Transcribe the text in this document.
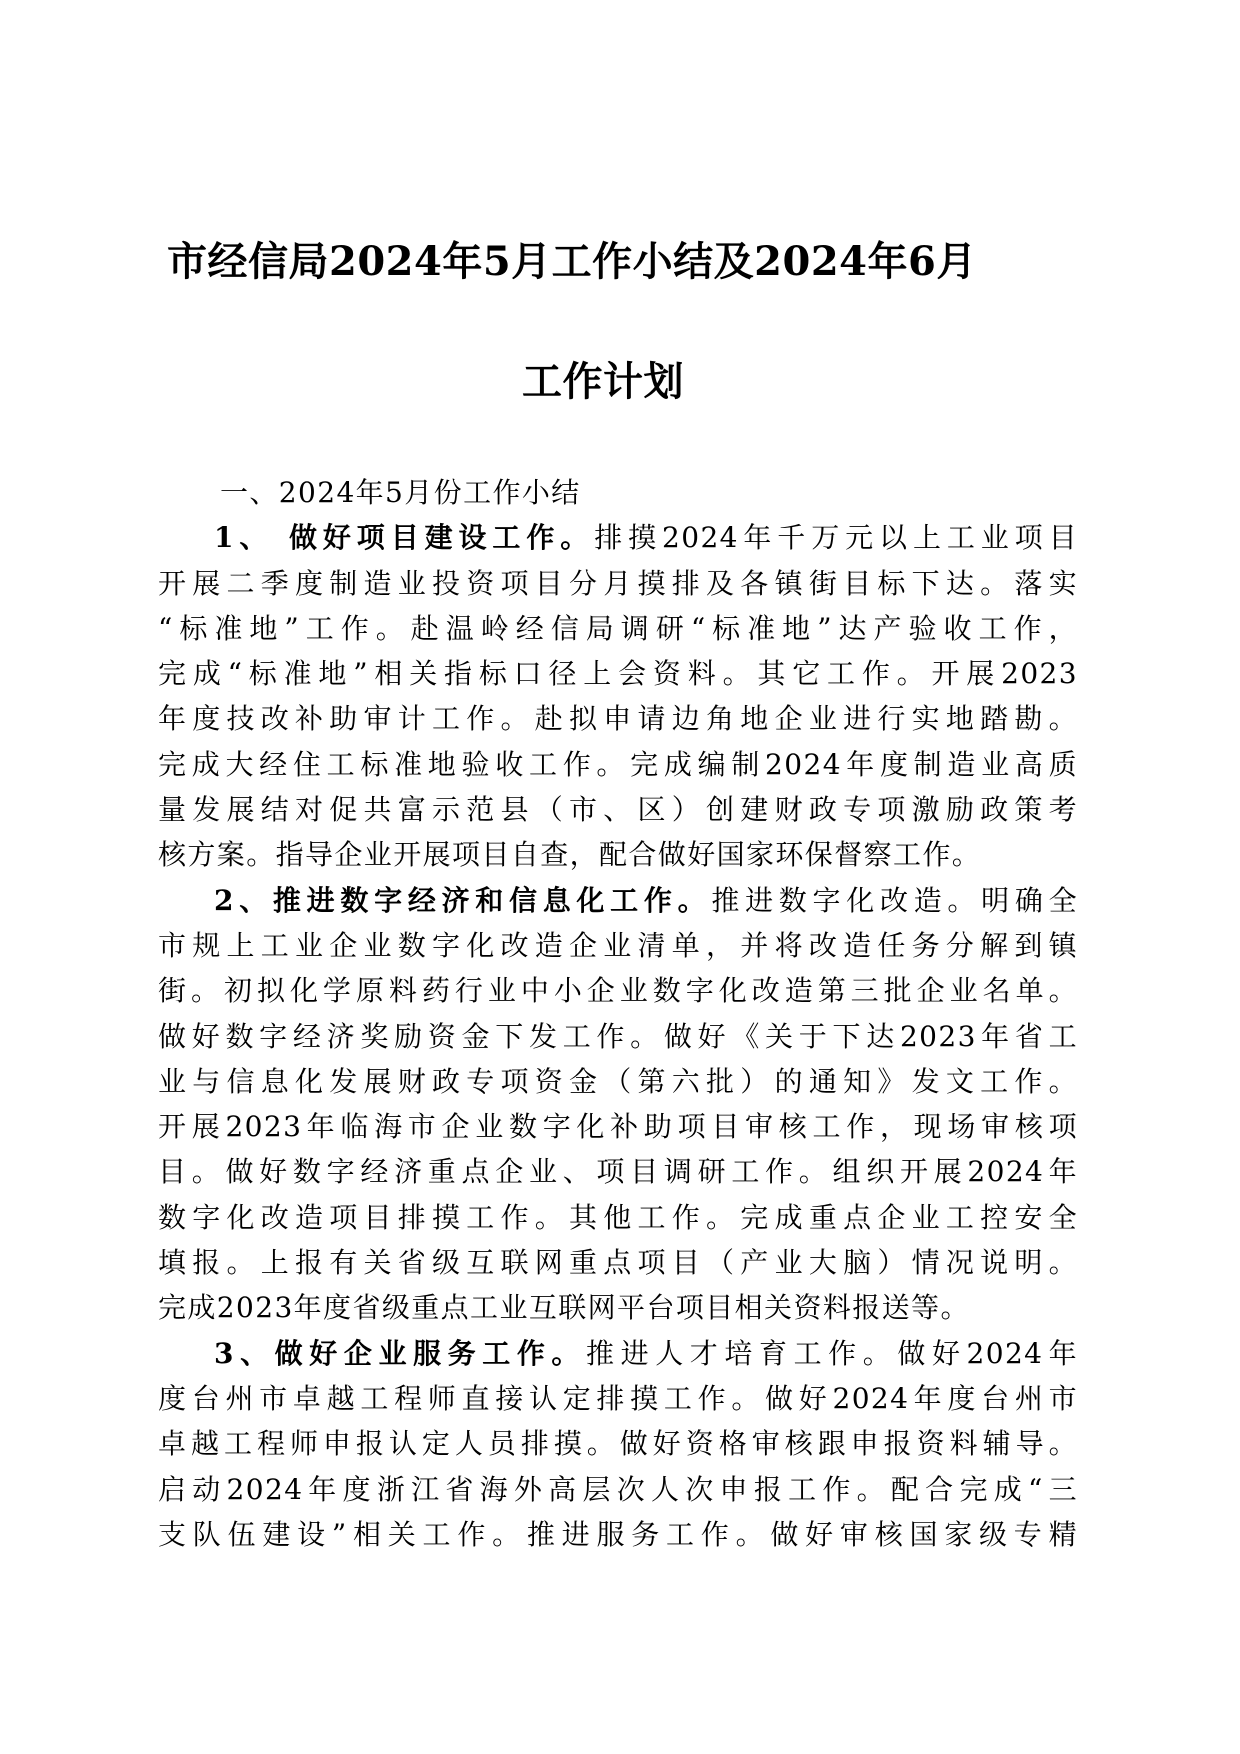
市经信局2024年5月工作小结及2024年6月
工作计划
一、2024年5月份工作小结
1、 做好项目建设工作。排摸2024年千万元以上工业项目
开展二季度制造业投资项目分月摸排及各镇街目标下达。落实
“标准地”工作。赴温岭经信局调研“标准地”达产验收工作，
完成“标准地”相关指标口径上会资料。其它工作。开展2023
年度技改补助审计工作。赴拟申请边角地企业进行实地踏勘。
完成大经住工标准地验收工作。完成编制2024年度制造业高质
量发展结对促共富示范县（市、区）创建财政专项激励政策考
核方案。指导企业开展项目自查，配合做好国家环保督察工作。
2、推进数字经济和信息化工作。推进数字化改造。明确全
市规上工业企业数字化改造企业清单，并将改造任务分解到镇
街。初拟化学原料药行业中小企业数字化改造第三批企业名单。
做好数字经济奖励资金下发工作。做好《关于下达2023年省工
业与信息化发展财政专项资金（第六批）的通知》发文工作。
开展2023年临海市企业数字化补助项目审核工作，现场审核项
目。做好数字经济重点企业、项目调研工作。组织开展2024年
数字化改造项目排摸工作。其他工作。完成重点企业工控安全
填报。上报有关省级互联网重点项目（产业大脑）情况说明。
完成2023年度省级重点工业互联网平台项目相关资料报送等。
3、做好企业服务工作。推进人才培育工作。做好2024年
度台州市卓越工程师直接认定排摸工作。做好2024年度台州市
卓越工程师申报认定人员排摸。做好资格审核跟申报资料辅导。
启动2024年度浙江省海外高层次人次申报工作。配合完成“三
支队伍建设”相关工作。推进服务工作。做好审核国家级专精
